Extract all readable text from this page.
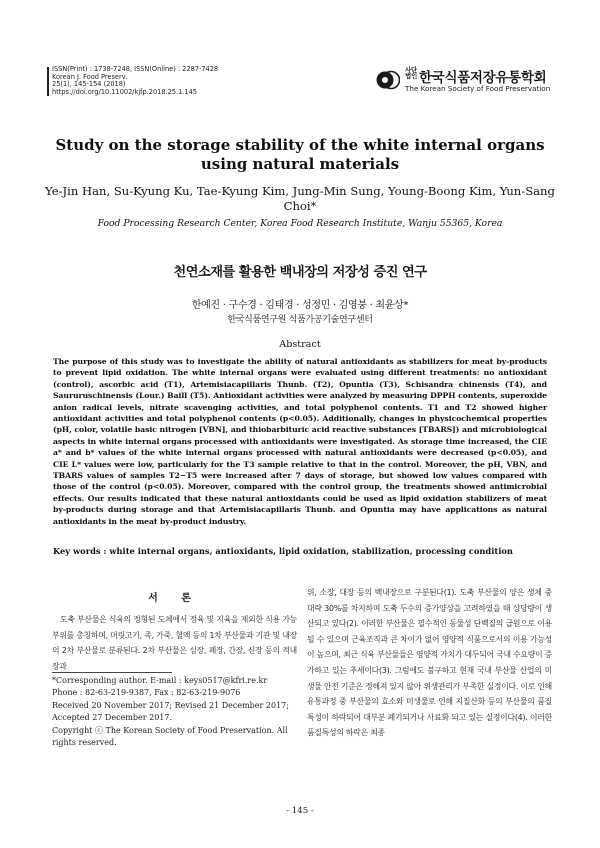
ISSN(Print) : 1738-7248, ISSN(Online) : 2287-7428
Korean J. Food Preserv.
25(1), 145-154 (2018)
https://doi.org/10.11002/kjfp.2018.25.1.145
사단
법인 한국식품저장유통학회
The Korean Society of Food Preservation
Study on the storage stability of the white internal organs using natural materials
Ye-Jin Han, Su-Kyung Ku, Tae-Kyung Kim, Jung-Min Sung, Young-Boong Kim, Yun-Sang Choi*
Food Processing Research Center, Korea Food Research Institute, Wanju 55365, Korea
천연소재를 활용한 백내장의 저장성 증진 연구
한예진 · 구수경 · 김태경 · 성정민 · 김영붕 · 최윤상*
한국식품연구원 식품가공기술연구센터
Abstract
The purpose of this study was to investigate the ability of natural antioxidants as stabilizers for meat by-products to prevent lipid oxidation. The white internal organs were evaluated using different treatments: no antioxidant (control), ascorbic acid (T1), Artemisiacapillaris Thunb. (T2), Opuntia (T3), Schisandra chinensis (T4), and Saururuschinensis (Lour.) Baill (T5). Antioxidant activities were analyzed by measuring DPPH contents, superoxide anion radical levels, nitrate scavenging activities, and total polyphenol contents. T1 and T2 showed higher antioxidant activities and total polyphenol contents (p<0.05). Additionally, changes in physicochemical properties (pH, color, volatile basic nitrogen [VBN], and thiobarbituric acid reactive substances [TBARS]) and microbiological aspects in white internal organs processed with antioxidants were investigated. As storage time increased, the CIE a* and b* values of the white internal organs processed with natural antioxidants were decreased (p<0.05), and CIE L* values were low, particularly for the T3 sample relative to that in the control. Moreover, the pH, VBN, and TBARS values of samples T2−T5 were increased after 7 days of storage, but showed low values compared with those of the control (p<0.05). Moreover, compared with the control group, the treatments showed antimicrobial effects. Our results indicated that these natural antioxidants could be used as lipid oxidation stabilizers of meat by-products during storage and that Artemisiacapillaris Thunb. and Opuntia may have applications as natural antioxidants in the meat by-product industry.
Key words : white internal organs, antioxidants, lipid oxidation, stabilization, processing condition
서 론
도축 부산물은 식육의 정형된 도체에서 정육 및 지육을 제외한 식용 가능 부위를 총칭하며, 머릿고기, 족, 가죽, 혈액 등의 1차 부산물과 기관 및 내장의 2차 부산물로 분류된다. 2차 부산물은 심장, 폐장, 간장, 신장 등의 적내장과
위, 소장, 대장 등의 백내장으로 구분된다(1). 도축 부산물의 양은 생체 중 대략 30%를 차지하며 도축 두수의 증가양상을 고려하였을 때 상당량이 생산되고 있다(2). 이러한 부산물은 필수적인 동물성 단백질의 급원으로 이용될 수 있으며 근육조직과 큰 차이가 없어 영양적 식품으로서의 이용 가능성이 높으며, 최근 식육 부산물들은 영양적 가치가 대두되어 국내 수요량이 증가하고 있는 추세이다(3). 그럼에도 불구하고 현재 국내 부산물 산업의 미생물 안전 기준은 정해져 있지 않아 위생관리가 부족한 실정이다. 이로 인해 유통과정 중 부산물의 효소와 미생물로 인해 지질산화 등의 부산물의 품질특성이 하락되어 대부분 폐기되거나 사료화 되고 있는 실정이다(4). 이러한 품질특성의 하락은 최종
*Corresponding author. E-mail : keys0517@kfri.re.kr
Phone : 82-63-219-9387, Fax : 82-63-219-9076
Received 20 November 2017; Revised 21 December 2017;
Accepted 27 December 2017.
Copyright ⓒ The Korean Society of Food Preservation. All rights reserved.
- 145 -
